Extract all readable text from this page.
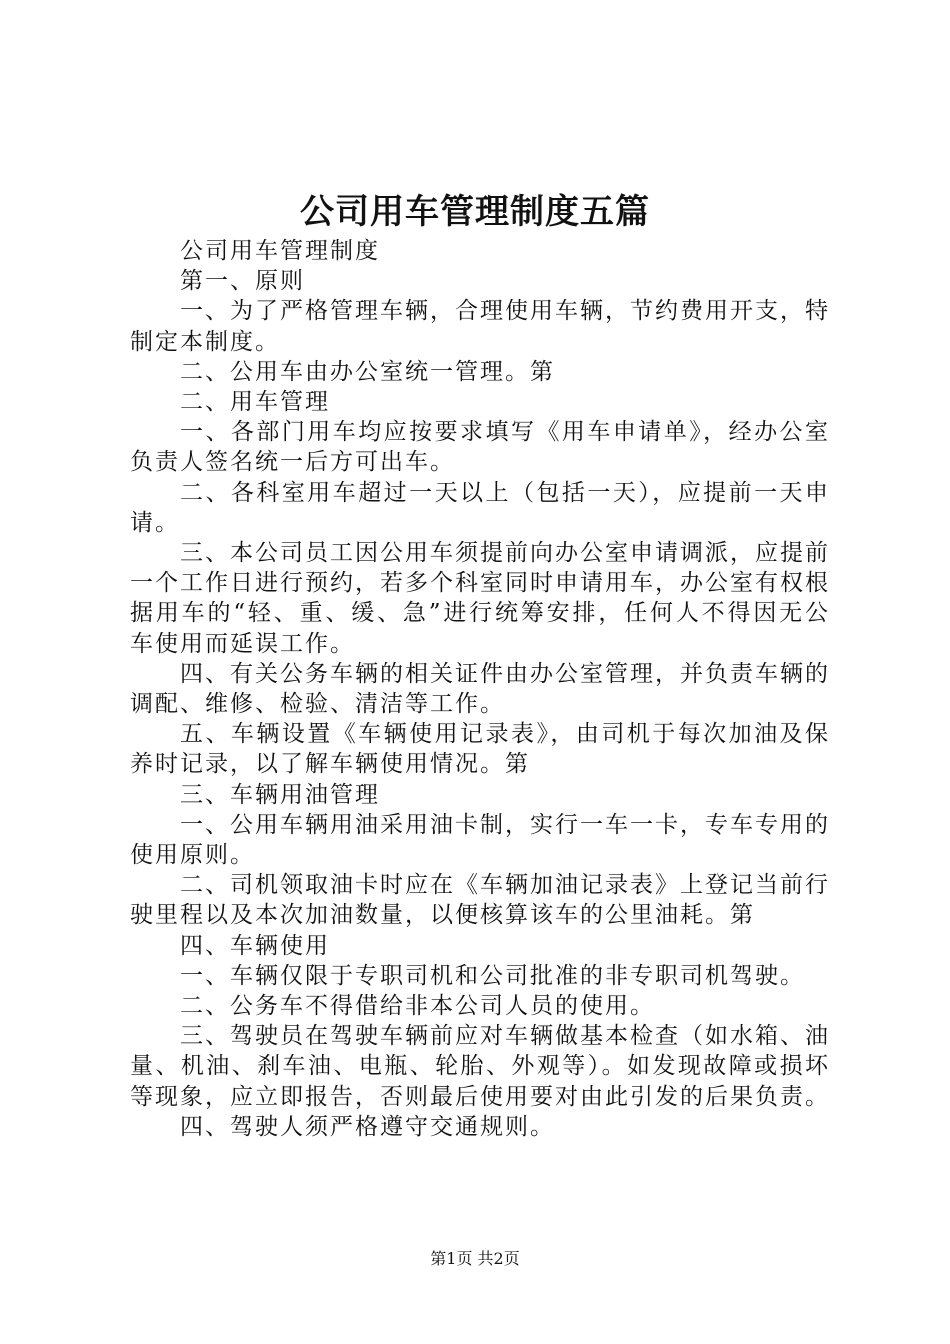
公司用车管理制度五篇

公司用车管理制度

第一、原则

一、为了严格管理车辆，合理使用车辆，节约费用开支，特制定本制度。

二、公用车由办公室统一管理。第

二、用车管理

一、各部门用车均应按要求填写《用车申请单》，经办公室负责人签名统一后方可出车。

二、各科室用车超过一天以上（包括一天），应提前一天申请。

三、本公司员工因公用车须提前向办公室申请调派，应提前一个工作日进行预约，若多个科室同时申请用车，办公室有权根据用车的“轻、重、缓、急”进行统筹安排，任何人不得因无公车使用而延误工作。

四、有关公务车辆的相关证件由办公室管理，并负责车辆的调配、维修、检验、清洁等工作。

五、车辆设置《车辆使用记录表》，由司机于每次加油及保养时记录，以了解车辆使用情况。第

三、车辆用油管理

一、公用车辆用油采用油卡制，实行一车一卡，专车专用的使用原则。

二、司机领取油卡时应在《车辆加油记录表》上登记当前行驶里程以及本次加油数量，以便核算该车的公里油耗。第

四、车辆使用

一、车辆仅限于专职司机和公司批准的非专职司机驾驶。

二、公务车不得借给非本公司人员的使用。

三、驾驶员在驾驶车辆前应对车辆做基本检查（如水箱、油量、机油、刹车油、电瓶、轮胎、外观等）。如发现故障或损坏等现象，应立即报告，否则最后使用要对由此引发的后果负责。

四、驾驶人须严格遵守交通规则。

第1页 共2页
